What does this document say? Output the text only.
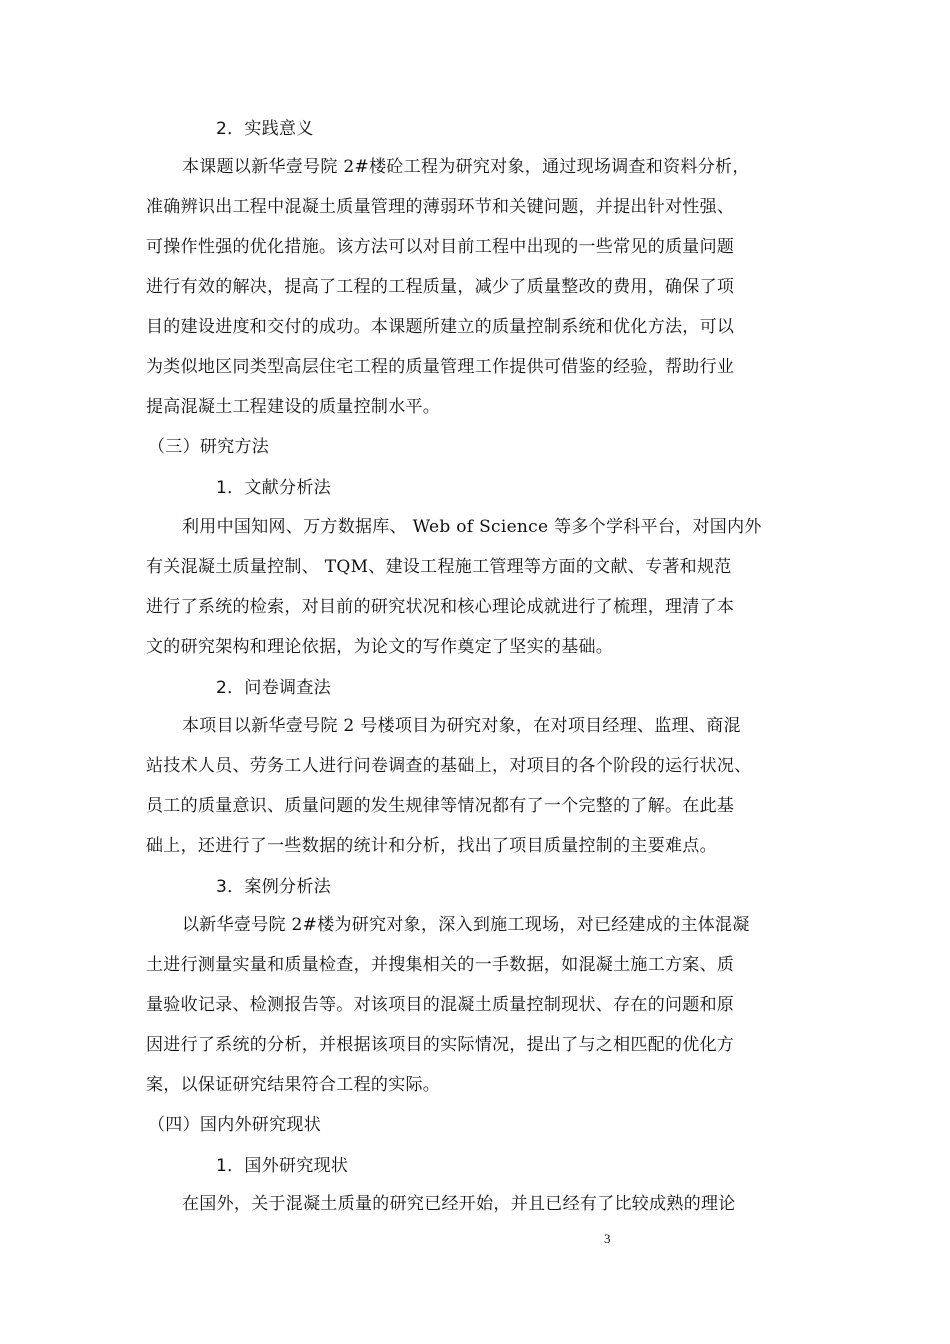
2．实践意义
本课题以新华壹号院 2#楼砼工程为研究对象，通过现场调查和资料分析，
准确辨识出工程中混凝土质量管理的薄弱环节和关键问题，并提出针对性强、
可操作性强的优化措施。该方法可以对目前工程中出现的一些常见的质量问题
进行有效的解决，提高了工程的工程质量，减少了质量整改的费用，确保了项
目的建设进度和交付的成功。本课题所建立的质量控制系统和优化方法，可以
为类似地区同类型高层住宅工程的质量管理工作提供可借鉴的经验，帮助行业
提高混凝土工程建设的质量控制水平。
（三）研究方法
1．文献分析法
利用中国知网、万方数据库、 Web of Science 等多个学科平台，对国内外
有关混凝土质量控制、 TQM、建设工程施工管理等方面的文献、专著和规范
进行了系统的检索，对目前的研究状况和核心理论成就进行了梳理，理清了本
文的研究架构和理论依据，为论文的写作奠定了坚实的基础。
2．问卷调查法
本项目以新华壹号院 2 号楼项目为研究对象，在对项目经理、监理、商混
站技术人员、劳务工人进行问卷调查的基础上，对项目的各个阶段的运行状况、
员工的质量意识、质量问题的发生规律等情况都有了一个完整的了解。在此基
础上，还进行了一些数据的统计和分析，找出了项目质量控制的主要难点。
3．案例分析法
以新华壹号院 2#楼为研究对象，深入到施工现场，对已经建成的主体混凝
土进行测量实量和质量检查，并搜集相关的一手数据，如混凝土施工方案、质
量验收记录、检测报告等。对该项目的混凝土质量控制现状、存在的问题和原
因进行了系统的分析，并根据该项目的实际情况，提出了与之相匹配的优化方
案，以保证研究结果符合工程的实际。
（四）国内外研究现状
1．国外研究现状
在国外，关于混凝土质量的研究已经开始，并且已经有了比较成熟的理论
3
